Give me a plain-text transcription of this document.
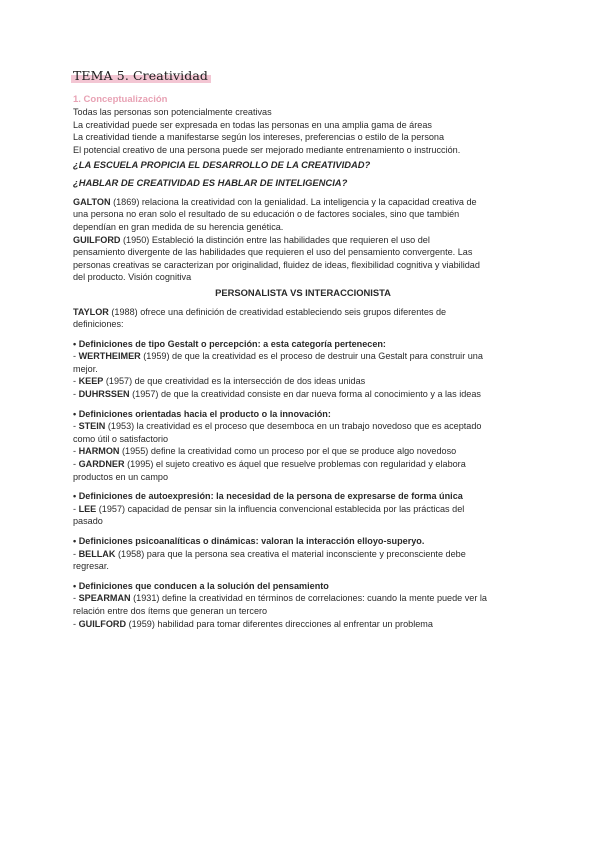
TEMA 5. Creatividad
1. Conceptualización
Todas las personas son potencialmente creativas
La creatividad puede ser expresada en todas las personas en una amplia gama de áreas
La creatividad tiende a manifestarse según los intereses, preferencias o estilo de la persona
El potencial creativo de una persona puede ser mejorado mediante entrenamiento o instrucción.
¿LA ESCUELA PROPICIA EL DESARROLLO DE LA CREATIVIDAD?
¿HABLAR DE CREATIVIDAD ES HABLAR DE INTELIGENCIA?
GALTON (1869) relaciona la creatividad con la genialidad. La inteligencia y la capacidad creativa de
una persona no eran solo el resultado de su educación o de factores sociales, sino que también
dependían en gran medida de su herencia genética.
GUILFORD (1950) Estableció la distinción entre las habilidades que requieren el uso del
pensamiento divergente de las habilidades que requieren el uso del pensamiento convergente. Las
personas creativas se caracterizan por originalidad, fluidez de ideas, flexibilidad cognitiva y viabilidad
del producto. Visión cognitiva
PERSONALISTA VS INTERACCIONISTA
TAYLOR (1988) ofrece una definición de creatividad estableciendo seis grupos diferentes de
definiciones:
• Definiciones de tipo Gestalt o percepción: a esta categoría pertenecen:
- WERTHEIMER (1959) de que la creatividad es el proceso de destruir una Gestalt para construir una
mejor.
- KEEP (1957) de que creatividad es la intersección de dos ideas unidas
- DUHRSSEN (1957) de que la creatividad consiste en dar nueva forma al conocimiento y a las ideas
• Definiciones orientadas hacia el producto o la innovación:
- STEIN (1953) la creatividad es el proceso que desemboca en un trabajo novedoso que es aceptado
como útil o satisfactorio
- HARMON (1955) define la creatividad como un proceso por el que se produce algo novedoso
- GARDNER (1995) el sujeto creativo es áquel que resuelve problemas con regularidad y elabora
productos en un campo
• Definiciones de autoexpresión: la necesidad de la persona de expresarse de forma única
- LEE (1957) capacidad de pensar sin la influencia convencional establecida por las prácticas del
pasado
• Definiciones psicoanalíticas o dinámicas: valoran la interacción elloyo-superyo.
- BELLAK (1958) para que la persona sea creativa el material inconsciente y preconsciente debe
regresar.
• Definiciones que conducen a la solución del pensamiento
- SPEARMAN (1931) define la creatividad en términos de correlaciones: cuando la mente puede ver la
relación entre dos ítems que generan un tercero
- GUILFORD (1959) habilidad para tomar diferentes direcciones al enfrentar un problema
